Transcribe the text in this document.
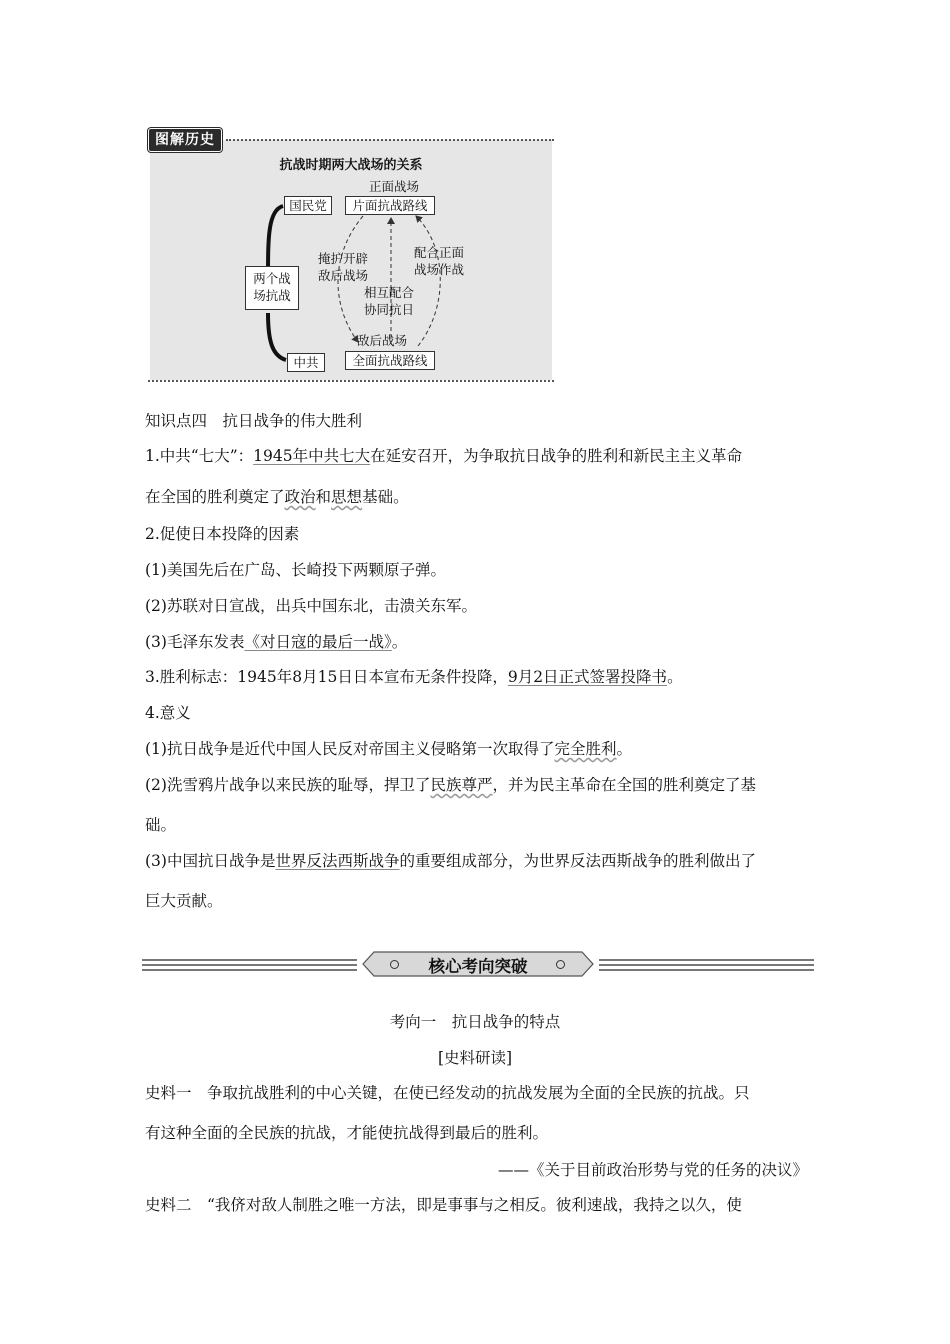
图解历史
抗战时期两大战场的关系
国民党
正面战场
片面抗战路线
两个战
场抗战
掩护开辟
敌后战场
配合正面
战场作战
相互配合
协同抗日
敌后战场
中共	全面抗战路线
知识点四　抗日战争的伟大胜利
1.中共“七大”：1945年中共七大在延安召开，为争取抗日战争的胜利和新民主主义革命
在全国的胜利奠定了政治和思想基础。
2.促使日本投降的因素
(1)美国先后在广岛、长崎投下两颗原子弹。
(2)苏联对日宣战，出兵中国东北，击溃关东军。
(3)毛泽东发表《对日寇的最后一战》。
3.胜利标志：1945年8月15日日本宣布无条件投降，9月2日正式签署投降书。
4.意义
(1)抗日战争是近代中国人民反对帝国主义侵略第一次取得了完全胜利。
(2)洗雪鸦片战争以来民族的耻辱，捍卫了民族尊严，并为民主革命在全国的胜利奠定了基
础。
(3)中国抗日战争是世界反法西斯战争的重要组成部分，为世界反法西斯战争的胜利做出了
巨大贡献。
核心考向突破
考向一　抗日战争的特点
[史料研读]
史料一　争取抗战胜利的中心关键，在使已经发动的抗战发展为全面的全民族的抗战。只
有这种全面的全民族的抗战，才能使抗战得到最后的胜利。
——《关于目前政治形势与党的任务的决议》
史料二　“我侪对敌人制胜之唯一方法，即是事事与之相反。彼利速战，我持之以久，使
